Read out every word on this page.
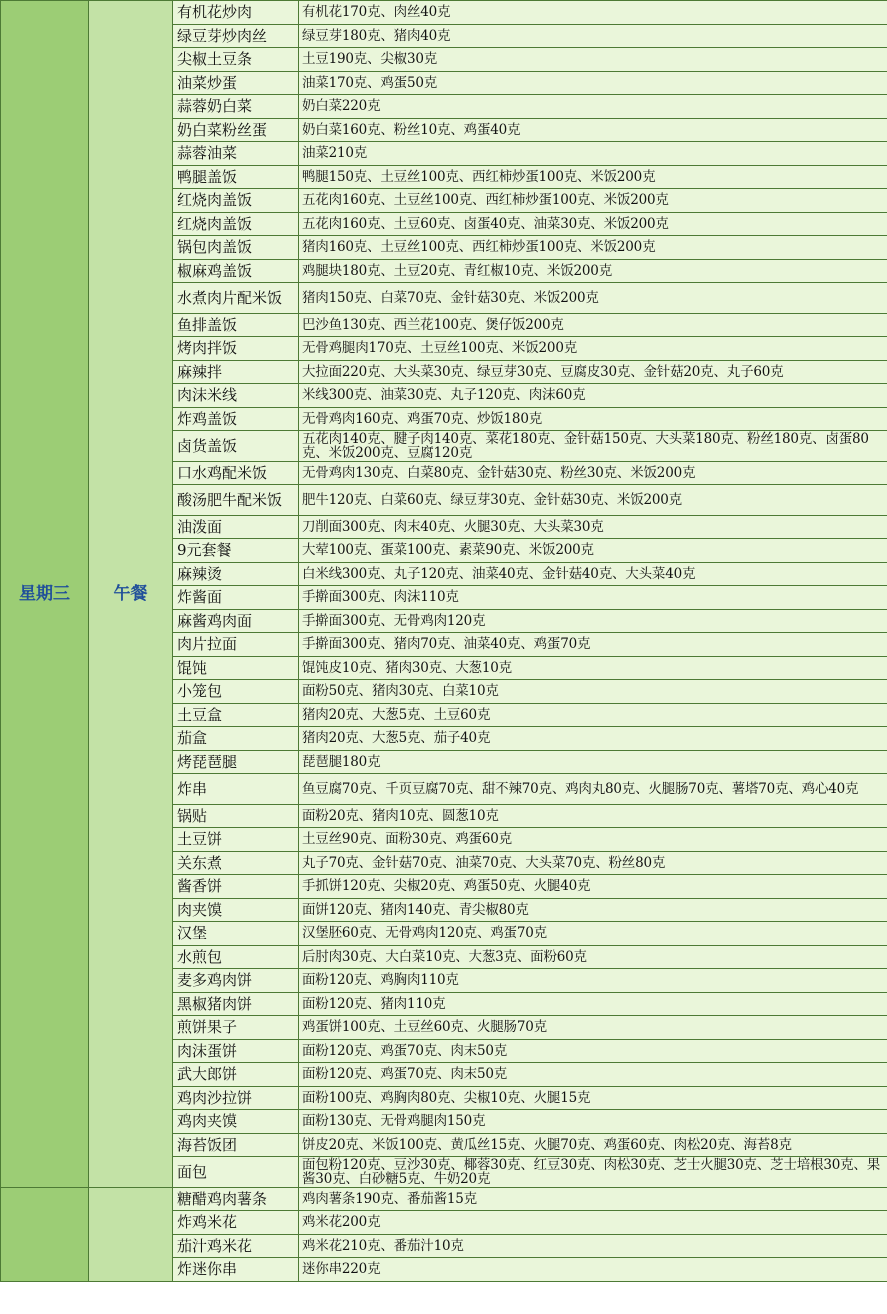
星期三	午餐	有机花炒肉	有机花170克、肉丝40克
		绿豆芽炒肉丝	绿豆芽180克、猪肉40克
		尖椒土豆条	土豆190克、尖椒30克
		油菜炒蛋	油菜170克、鸡蛋50克
		蒜蓉奶白菜	奶白菜220克
		奶白菜粉丝蛋	奶白菜160克、粉丝10克、鸡蛋40克
		蒜蓉油菜	油菜210克
		鸭腿盖饭	鸭腿150克、土豆丝100克、西红柿炒蛋100克、米饭200克
		红烧肉盖饭	五花肉160克、土豆丝100克、西红柿炒蛋100克、米饭200克
		红烧肉盖饭	五花肉160克、土豆60克、卤蛋40克、油菜30克、米饭200克
		锅包肉盖饭	猪肉160克、土豆丝100克、西红柿炒蛋100克、米饭200克
		椒麻鸡盖饭	鸡腿块180克、土豆20克、青红椒10克、米饭200克
		水煮肉片配米饭	猪肉150克、白菜70克、金针菇30克、米饭200克
		鱼排盖饭	巴沙鱼130克、西兰花100克、煲仔饭200克
		烤肉拌饭	无骨鸡腿肉170克、土豆丝100克、米饭200克
		麻辣拌	大拉面220克、大头菜30克、绿豆芽30克、豆腐皮30克、金针菇20克、丸子60克
		肉沫米线	米线300克、油菜30克、丸子120克、肉沫60克
		炸鸡盖饭	无骨鸡肉160克、鸡蛋70克、炒饭180克
		卤货盖饭	五花肉140克、腱子肉140克、菜花180克、金针菇150克、大头菜180克、粉丝180克、卤蛋80克、米饭200克、豆腐120克
		口水鸡配米饭	无骨鸡肉130克、白菜80克、金针菇30克、粉丝30克、米饭200克
		酸汤肥牛配米饭	肥牛120克、白菜60克、绿豆芽30克、金针菇30克、米饭200克
		油泼面	刀削面300克、肉末40克、火腿30克、大头菜30克
		9元套餐	大荤100克、蛋菜100克、素菜90克、米饭200克
		麻辣烫	白米线300克、丸子120克、油菜40克、金针菇40克、大头菜40克
		炸酱面	手擀面300克、肉沫110克
		麻酱鸡肉面	手擀面300克、无骨鸡肉120克
		肉片拉面	手擀面300克、猪肉70克、油菜40克、鸡蛋70克
		馄饨	馄饨皮10克、猪肉30克、大葱10克
		小笼包	面粉50克、猪肉30克、白菜10克
		土豆盒	猪肉20克、大葱5克、土豆60克
		茄盒	猪肉20克、大葱5克、茄子40克
		烤琵琶腿	琵琶腿180克
		炸串	鱼豆腐70克、千页豆腐70克、甜不辣70克、鸡肉丸80克、火腿肠70克、薯塔70克、鸡心40克
		锅贴	面粉20克、猪肉10克、圆葱10克
		土豆饼	土豆丝90克、面粉30克、鸡蛋60克
		关东煮	丸子70克、金针菇70克、油菜70克、大头菜70克、粉丝80克
		酱香饼	手抓饼120克、尖椒20克、鸡蛋50克、火腿40克
		肉夹馍	面饼120克、猪肉140克、青尖椒80克
		汉堡	汉堡胚60克、无骨鸡肉120克、鸡蛋70克
		水煎包	后肘肉30克、大白菜10克、大葱3克、面粉60克
		麦多鸡肉饼	面粉120克、鸡胸肉110克
		黑椒猪肉饼	面粉120克、猪肉110克
		煎饼果子	鸡蛋饼100克、土豆丝60克、火腿肠70克
		肉沫蛋饼	面粉120克、鸡蛋70克、肉末50克
		武大郎饼	面粉120克、鸡蛋70克、肉末50克
		鸡肉沙拉饼	面粉100克、鸡胸肉80克、尖椒10克、火腿15克
		鸡肉夹馍	面粉130克、无骨鸡腿肉150克
		海苔饭团	饼皮20克、米饭100克、黄瓜丝15克、火腿70克、鸡蛋60克、肉松20克、海苔8克
		面包	面包粉120克、豆沙30克、椰蓉30克、红豆30克、肉松30克、芝士火腿30克、芝士培根30克、果酱30克、白砂糖5克、牛奶20克
		糖醋鸡肉薯条	鸡肉薯条190克、番茄酱15克
		炸鸡米花	鸡米花200克
		茄汁鸡米花	鸡米花210克、番茄汁10克
		炸迷你串	迷你串220克
